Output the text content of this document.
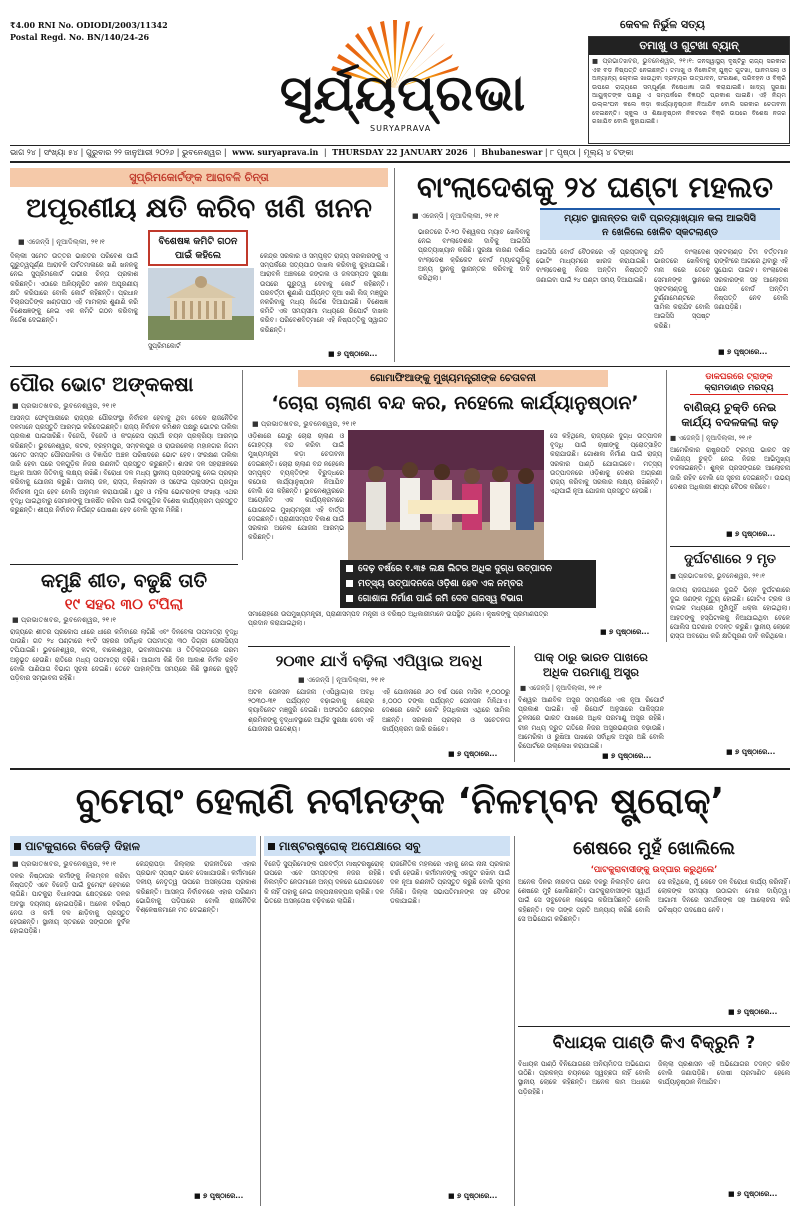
₹4.00 RNI No. ODIODI/2003/11342
Postal Regd. No. BN/140/24-26
ସୂର୍ଯ୍ୟପ୍ରଭା
SURYAPRAVA
କେବଳ ନିର୍ଭୁଳ ସତ୍ୟ
ତମାଖୁ ଓ ଗୁଟଖା ବ୍ୟାନ୍
■ ପ୍ରଭାତଖବର, ଭୁବନେଶ୍ୱର, ୨୧।୧: ଜନସ୍ୱାସ୍ଥ୍ୟ ଦୃଷ୍ଟିରୁ ରାଜ୍ୟ ସରକାର ଏକ ବଡ଼ ନିଷ୍ପତ୍ତି ନେଇଛନ୍ତି। ତମାଖୁ ଓ ନିକୋଟିନ୍ ଯୁକ୍ତ ଗୁଟଖା, ପାନମସଲା ଓ ଅନ୍ୟାନ୍ୟ ଚୋବାଇ ଖାଉଥିବା ଦ୍ରବ୍ୟର ଉତ୍ପାଦନ, ସଂରକ୍ଷଣ, ପରିବହନ ଓ ବିକ୍ରି ଉପରେ ରାଜ୍ୟରେ ସମ୍ପୂର୍ଣ୍ଣ ନିଷେଧାଜ୍ଞା ଜାରି କରାଯାଇଛି। ଖାଦ୍ୟ ସୁରକ୍ଷା ଆୟୁକ୍ତଙ୍କ ପକ୍ଷରୁ ଏ ସମ୍ପର୍କରେ ବିଜ୍ଞପ୍ତି ପ୍ରକାଶ ପାଇଛି। ଏହି ନିୟମ ଉଲ୍ଲଂଘନ କଲେ କଡ଼ା କାର୍ଯ୍ୟାନୁଷ୍ଠାନ ନିଆଯିବ ବୋଲି ସରକାର ଚେତାବନୀ ଦେଇଛନ୍ତି। ସ୍କୁଲ ଓ ଶିକ୍ଷାନୁଷ୍ଠାନ ନିକଟରେ ବିକ୍ରି ଉପରେ ବିଶେଷ ନଜର ରଖାଯିବ ବୋଲି କୁହାଯାଇଛି।
ଭାଗ ୨୪ | ସଂଖ୍ୟା ୫୪ | ଗୁରୁବାର ୨୨ ଜାନୁଆରୀ ୨୦୨୬ | ଭୁବନେଶ୍ୱର | www. suryaprava.in | THURSDAY 22 JANUARY 2026 | Bhubaneswar | ୮ ପୃଷ୍ଠା | ମୂଲ୍ୟ ୪ ଟଙ୍କା
ସୁପ୍ରିମକୋର୍ଟଙ୍କ ଆରାବଳି ଚିନ୍ତା
ଅପୂରଣୀୟ କ୍ଷତି କରିବ ଖଣି ଖନନ
■ ଏଜେନ୍ସି | ନୂଆଦିଲ୍ଲୀ, ୨୧।୧
ଦିଲ୍ଲୀ ସମେତ ଉତ୍ତର ଭାରତର ପରିବେଶ ପାଇଁ ଗୁରୁତ୍ୱପୂର୍ଣ୍ଣ ଆରାବଳି ପର୍ବତମାଳାରେ ଖଣି ଖନନକୁ ନେଇ ସୁପ୍ରିମକୋର୍ଟ ଗଭୀର ଚିନ୍ତା ପ୍ରକାଶ କରିଛନ୍ତି। ଏଠାରେ ଅନିୟନ୍ତ୍ରିତ ଖନନ ଅପୂରଣୀୟ କ୍ଷତି କରିପାରେ ବୋଲି କୋର୍ଟ କହିଛନ୍ତି। ପ୍ରଧାନ ବିଚାରପତିଙ୍କ ଖଣ୍ଡପୀଠ ଏହି ମାମଲାର ଶୁଣାଣି କରି ବିଶେଷଜ୍ଞଙ୍କୁ ନେଇ ଏକ କମିଟି ଗଠନ କରିବାକୁ ନିର୍ଦ୍ଦେଶ ଦେଇଛନ୍ତି।
ବିଶେଷଜ୍ଞ କମିଟି ଗଠନ ପାଇଁ କହିଲେ
ସୁପ୍ରିମକୋର୍ଟ
କେନ୍ଦ୍ର ସରକାର ଓ ସମ୍ପୃକ୍ତ ରାଜ୍ୟ ସରକାରଙ୍କୁ ଏ ସମ୍ପର୍କରେ ସତ୍ୟପାଠ ଦାଖଲ କରିବାକୁ କୁହାଯାଇଛି। ଆରାବଳି ଅଞ୍ଚଳରେ ଜଙ୍ଗଲ ଓ ଜଳସମ୍ପଦ ସୁରକ୍ଷା ଉପରେ ଗୁରୁତ୍ୱ ଦେବାକୁ କୋର୍ଟ କହିଛନ୍ତି। ପରବର୍ତ୍ତୀ ଶୁଣାଣି ପର୍ଯ୍ୟନ୍ତ ନୂଆ ଖଣି ଲିଜ୍ ମଞ୍ଜୁର ନକରିବାକୁ ମଧ୍ୟ ନିର୍ଦ୍ଦେଶ ଦିଆଯାଇଛି। ବିଶେଷଜ୍ଞ କମିଟି ଏକ ସମୟସୀମା ମଧ୍ୟରେ ରିପୋର୍ଟ ଦାଖଲ କରିବ। ପରିବେଶବିତ୍‌ମାନେ ଏହି ନିଷ୍ପତ୍ତିକୁ ସ୍ୱାଗତ କରିଛନ୍ତି।
■ ୭ ପୃଷ୍ଠାରେ...
ବାଂଲାଦେଶକୁ ୨୪ ଘଣ୍ଟା ମହଲତ
■ ଏଜେନ୍ସି | ନୂଆଦିଲ୍ଲୀ, ୨୧।୧	ମ୍ୟାଚ ସ୍ଥାନାନ୍ତର ଦାବି ପ୍ରତ୍ୟାଖ୍ୟାନ କଲା ଆଇସିସି
ନ ଖେଳିଲେ ଖେଳିବ ସ୍କଟଲାଣ୍ଡ
ଭାରତରେ ଟି-୨୦ ବିଶ୍ୱକପ ମ୍ୟାଚ ଖେଳିବାକୁ ନେଇ ବାଂଲାଦେଶର ଦାବିକୁ ଆଇସିସି ପ୍ରତ୍ୟାଖ୍ୟାନ କରିଛି। ସୁରକ୍ଷା କାରଣ ଦର୍ଶାଇ ବାଂଲାଦେଶ କ୍ରିକେଟ ବୋର୍ଡ ମ୍ୟାଚଗୁଡ଼ିକୁ ଅନ୍ୟ ସ୍ଥାନକୁ ସ୍ଥାନାନ୍ତର କରିବାକୁ ଦାବି କରିଥିଲା।
ଆଇସିସି ବୋର୍ଡ ବୈଠକରେ ଏହି ପ୍ରସ୍ତାବକୁ ଭୋଟିଂ ମାଧ୍ୟମରେ ଖାରଜ କରାଯାଇଛି। ବାଂଲାଦେଶକୁ ନିଜର ଅନ୍ତିମ ନିଷ୍ପତ୍ତି ଜଣାଇବା ପାଇଁ ୨୪ ଘଣ୍ଟା ସମୟ ଦିଆଯାଇଛି।
ଯଦି ବାଂଲାଦେଶ ଭାରତରେ ଖେଳିବାକୁ ମନା କରେ ତେବେ ସେମାନଙ୍କ ସ୍ଥାନରେ ସ୍କଟଲାଣ୍ଡକୁ ଟୁର୍ଣ୍ଣାମେଣ୍ଟରେ ସାମିଲ କରାଯିବ ବୋଲି ଆଇସିସି ସ୍ପଷ୍ଟ କରିଛି।
ସ୍କଟଲାଣ୍ଡ ଟିମ ବର୍ତ୍ତମାନ ରାଙ୍କିଂରେ ଆଗରେ ଥିବାରୁ ଏହି ସୁଯୋଗ ପାଇବ। ବାଂଲାଦେଶ ସରକାରଙ୍କ ସହ ଆଲୋଚନା ପରେ ବୋର୍ଡ ଅନ୍ତିମ ନିଷ୍ପତ୍ତି ନେବ ବୋଲି ଜଣାପଡ଼ିଛି।
■ ୭ ପୃଷ୍ଠାରେ...
ପୌର ଭୋଟ ଅଙ୍କକଷା
■ ପ୍ରଭାତଖବର, ଭୁବନେଶ୍ୱର, ୨୧।୧
ଆସନ୍ତା ଫେବୃଆରୀରେ ରାଜ୍ୟର ପୌରସଂସ୍ଥା ନିର୍ବାଚନ ହେବାକୁ ଥିବା ବେଳେ ରାଜନୈତିକ ଦଳମାନେ ପ୍ରସ୍ତୁତି ଆରମ୍ଭ କରିଦେଇଛନ୍ତି। ରାଜ୍ୟ ନିର୍ବାଚନ କମିଶନ ପକ୍ଷରୁ ଭୋଟର ତାଲିକା ପ୍ରକାଶ ପାଇସାରିଛି। ବିଜେପି, ବିଜେଡି ଓ କଂଗ୍ରେସ ପ୍ରାର୍ଥୀ ଚୟନ ପ୍ରକ୍ରିୟା ଆରମ୍ଭ କରିଛନ୍ତି। ଭୁବନେଶ୍ୱର, କଟକ, ବ୍ରହ୍ମପୁର, ସମ୍ବଲପୁର ଓ ରାଉରକେଲା ମହାନଗର ନିଗମ ସମେତ ସମସ୍ତ ପୌରପାଳିକା ଓ ବିଜ୍ଞାପିତ ଅଞ୍ଚଳ ପରିଷଦରେ ଭୋଟ ହେବ। ସଂରକ୍ଷଣ ତାଲିକା ଜାରି ହେବା ପରେ ଦଳଗୁଡ଼ିକ ନିଜର ରଣନୀତି ପ୍ରସ୍ତୁତ କରୁଛନ୍ତି। ଶାସକ ଦଳ ସହରାଞ୍ଚଳରେ ଅଧିକ ଆସନ ଜିତିବାକୁ ଲକ୍ଷ୍ୟ ରଖିଛି। ବିରୋଧୀ ଦଳ ମଧ୍ୟ ସ୍ଥାନୀୟ ପ୍ରସଙ୍ଗକୁ ନେଇ ପ୍ରଚାର କରିବାକୁ ଯୋଜନା କରୁଛି। ପାନୀୟ ଜଳ, ରାସ୍ତା, ନିଷ୍କାସନ ଓ ସଫେଇ ପ୍ରସଙ୍ଗ ପ୍ରମୁଖ ନିର୍ବାଚନୀ ମୁଦ୍ଦା ହେବ ବୋଲି ଅନୁମାନ କରାଯାଉଛି। ଯୁବ ଓ ମହିଳା ଭୋଟରଙ୍କ ସଂଖ୍ୟା ଏଥର ବୃଦ୍ଧି ପାଇଥିବାରୁ ସେମାନଙ୍କୁ ଆକର୍ଷିତ କରିବା ପାଇଁ ଦଳଗୁଡ଼ିକ ବିଶେଷ କାର୍ଯ୍ୟକ୍ରମ ପ୍ରସ୍ତୁତ କରୁଛନ୍ତି। ଶୀଘ୍ର ନିର୍ବାଚନ ନିର୍ଘଣ୍ଟ ଘୋଷଣା ହେବ ବୋଲି ସୂଚନା ମିଳିଛି।
ଗୋମାଫିଆଙ୍କୁ ମୁଖ୍ୟମନ୍ତ୍ରୀଙ୍କ ଚେତାବନୀ
‘ଚୋରା ଚାଲାଣ ବନ୍ଦ କର, ନହେଲେ କାର୍ଯ୍ୟାନୁଷ୍ଠାନ’
■ ପ୍ରଭାତଖବର, ଭୁବନେଶ୍ୱର, ୨୧।୧
ଓଡ଼ିଶାରେ ଗୋରୁ ଚୋରା ଚାଲାଣ ଓ ଗୋହତ୍ୟା ବନ୍ଦ କରିବା ପାଇଁ ମୁଖ୍ୟମନ୍ତ୍ରୀ କଡ଼ା ଚେତାବନୀ ଦେଇଛନ୍ତି। ଚୋରା ଚାଲାଣ ବନ୍ଦ ନହେଲେ ସମ୍ପୃକ୍ତ ବ୍ୟକ୍ତିଙ୍କ ବିରୁଦ୍ଧରେ କଠୋର କାର୍ଯ୍ୟାନୁଷ୍ଠାନ ନିଆଯିବ ବୋଲି ସେ କହିଛନ୍ତି। ଭୁବନେଶ୍ୱରରେ ଆୟୋଜିତ ଏକ କାର୍ଯ୍ୟକ୍ରମରେ ଯୋଗଦେଇ ମୁଖ୍ୟମନ୍ତ୍ରୀ ଏହି ବାର୍ତ୍ତା ଦେଇଛନ୍ତି। ପ୍ରାଣୀସମ୍ପଦ ବିକାଶ ପାଇଁ ସରକାର ଅନେକ ଯୋଜନା ଆରମ୍ଭ କରିଛନ୍ତି।
ସେ କହିଥିଲେ, ରାଜ୍ୟରେ ଦୁଗ୍ଧ ଉତ୍ପାଦନ ବୃଦ୍ଧି ପାଇଁ ଚାଷୀଙ୍କୁ ପ୍ରୋତ୍ସାହିତ କରାଯାଉଛି। ଗୋଶାଳା ନିର୍ମାଣ ପାଇଁ ରାଜ୍ୟ ସରକାର ପାଣ୍ଠି ଯୋଗାଇବେ। ମତ୍ସ୍ୟ ଉତ୍ପାଦନରେ ଓଡ଼ିଶାକୁ ଦେଶର ଅଗ୍ରଣୀ ରାଜ୍ୟ କରିବାକୁ ସରକାର ଲକ୍ଷ୍ୟ ରଖିଛନ୍ତି। ଏଥିପାଇଁ ନୂଆ ଯୋଜନା ପ୍ରସ୍ତୁତ ହେଉଛି।
ଦେଢ଼ ବର୍ଷରେ ୧.୩୫ ଲକ୍ଷ ଲିଟର ଅଧିକ ଦୁଗ୍ଧ ଉତ୍ପାଦନ
ମତ୍ସ୍ୟ ଉତ୍ପାଦନରେ ଓଡ଼ିଶା ହେବ ଏକ ନମ୍ବର
ଗୋଶାଳା ନିର୍ମାଣ ପାଇଁ ଜମି ଦେବ ରାଜସ୍ୱ ବିଭାଗ
ସମାରୋହରେ ଉପମୁଖ୍ୟମନ୍ତ୍ରୀ, ପ୍ରାଣୀସମ୍ପଦ ମନ୍ତ୍ରୀ ଓ ବରିଷ୍ଠ ଅଧିକାରୀମାନେ ଉପସ୍ଥିତ ଥିଲେ। କୃଷକଙ୍କୁ ପ୍ରମାଣପତ୍ର ପ୍ରଦାନ କରାଯାଇଥିଲା।
■ ୭ ପୃଷ୍ଠାରେ...
ଡାକଘରରେ ଟ୍ରାଙ୍କ
କ୍ରାମଡାଣ୍ଡ ମରଦ୍ୟ
ବାଣିଜ୍ୟ ଚୁକ୍ତି ନେଇ
କାର୍ଯ୍ୟ ବଦଳକଲା କଢ଼
■ ଏଜେନ୍ସି | ନୂଆଦିଲ୍ଲୀ, ୨୧।୧
ଆମେରିକାର ରାଷ୍ଟ୍ରପତି ଟ୍ରମ୍ପ ଭାରତ ସହ ବାଣିଜ୍ୟ ଚୁକ୍ତି ନେଇ ନିଜର ଆଭିମୁଖ୍ୟ ବଦଳାଇଛନ୍ତି। ଶୁଳ୍କ ପ୍ରସଙ୍ଗରେ ଆଲୋଚନା ଜାରି ରହିବ ବୋଲି ସେ ସୂଚନା ଦେଇଛନ୍ତି। ଉଭୟ ଦେଶର ଅଧିକାରୀ ଶୀଘ୍ର ବୈଠକ କରିବେ।
■ ୭ ପୃଷ୍ଠାରେ...
ଦୁର୍ଘଟଣାରେ ୨ ମୃତ
■ ପ୍ରଭାତଖବର, ଭୁବନେଶ୍ୱର, ୨୧।୧
ଜାତୀୟ ରାଜପଥରେ ଦୁଇଟି ଭିନ୍ନ ଦୁର୍ଘଟଣାରେ ଦୁଇ ଜଣଙ୍କ ମୃତ୍ୟୁ ହୋଇଛି। ଗୋଟିଏ ଟ୍ରକ ଓ ବାଇକ ମଧ୍ୟରେ ମୁହାଁମୁହିଁ ଧକ୍କା ହୋଇଥିଲା। ଆହତଙ୍କୁ ହସ୍ପିଟାଲକୁ ନିଆଯାଇଥିବା ବେଳେ ପୋଲିସ ଘଟଣାର ତଦନ୍ତ କରୁଛି। ସ୍ଥାନୀୟ ଲୋକେ ରାସ୍ତା ଅବରୋଧ କରି କ୍ଷତିପୂରଣ ଦାବି କରିଥିଲେ।
■ ୭ ପୃଷ୍ଠାରେ...
କମୁଛି ଶୀତ, ବଢୁଛି ତାତି
୧୯ ସହର ୩୦ ଟପିଲା
■ ପ୍ରଭାତଖବର, ଭୁବନେଶ୍ୱର, ୨୧।୧
ରାଜ୍ୟରେ ଶୀତର ପ୍ରକୋପ ଧୀରେ ଧୀରେ କମିବାରେ ଲାଗିଛି ଏବଂ ଦିନବେଳା ତାପମାତ୍ରା ବୃଦ୍ଧି ପାଉଛି। ଗତ ୨୪ ଘଣ୍ଟାରେ ୧୯ଟି ସହରର ସର୍ବାଧିକ ତାପମାତ୍ରା ୩୦ ଡିଗ୍ରୀ ସେଲସିୟସ ଟପିଯାଇଛି। ଭୁବନେଶ୍ୱର, କଟକ, ବାଲେଶ୍ୱର, ଭବାନୀପାଟଣା ଓ ତିତିଲାଗଡ଼ରେ ଗରମ ଅନୁଭୂତ ହେଉଛି। ରାତିରେ ମଧ୍ୟ ତାପମାତ୍ରା ବଢ଼ିଛି। ଆଗାମୀ କିଛି ଦିନ ଆକାଶ ନିର୍ମଳ ରହିବ ବୋଲି ପାଣିପାଗ ବିଭାଗ ସୂଚନା ଦେଇଛି। ତେବେ ପାହାନ୍ତିଆ ସମୟରେ କିଛି ସ୍ଥାନରେ କୁହୁଡ଼ି ପଡ଼ିବାର ସମ୍ଭାବନା ରହିଛି।
୨୦୩୧ ଯାଏଁ ବଢ଼ିଲା ଏପିୱାଇ ଅବଧି
■ ଏଜେନ୍ସି | ନୂଆଦିଲ୍ଲୀ, ୨୧।୧
ଅଟଳ ପେନସନ ଯୋଜନା (ଏପିୱାଇ)ର ଅବଧି ୨୦୩୦-୩୧ ପର୍ଯ୍ୟନ୍ତ ବଢ଼ାଇବାକୁ କେନ୍ଦ୍ର କ୍ୟାବିନେଟ ମଞ୍ଜୁରି ଦେଇଛି। ଅସଂଗଠିତ କ୍ଷେତ୍ରର ଶ୍ରମିକଙ୍କୁ ବୃଦ୍ଧାବସ୍ଥାରେ ଆର୍ଥିକ ସୁରକ୍ଷା ଦେବା ଏହି ଯୋଜନାର ଉଦ୍ଦେଶ୍ୟ।
ଏହି ଯୋଜନାରେ ୬୦ ବର୍ଷ ପରେ ମାସିକ ୧,୦୦୦ରୁ ୫,୦୦୦ ଟଙ୍କା ପର୍ଯ୍ୟନ୍ତ ପେନସନ ମିଳିଥାଏ। ଦେଶରେ କୋଟି କୋଟି ହିତାଧିକାରୀ ଏଥିରେ ସାମିଲ ଅଛନ୍ତି। ସରକାର ପ୍ରଚାର ଓ ସଚେତନତା କାର୍ଯ୍ୟକ୍ରମ ଜାରି ରଖିବେ।
■ ୭ ପୃଷ୍ଠାରେ...
ପାକ୍ ଠାରୁ ଭାରତ ପାଖରେ
ଅଧିକ ପରମାଣୁ ଅସ୍ତ୍ର
■ ଏଜେନ୍ସି | ନୂଆଦିଲ୍ଲୀ, ୨୧।୧
ବିଶ୍ୱର ଆଣବିକ ଅସ୍ତ୍ର ସମ୍ପର୍କରେ ଏକ ନୂଆ ରିପୋର୍ଟ ପ୍ରକାଶ ପାଇଛି। ଏହି ରିପୋର୍ଟ ଅନୁସାରେ ପାକିସ୍ତାନ ତୁଳନାରେ ଭାରତ ପାଖରେ ଅଧିକ ପରମାଣୁ ଅସ୍ତ୍ର ରହିଛି। ଚୀନ ମଧ୍ୟ ଦ୍ରୁତ ଗତିରେ ନିଜର ଅସ୍ତ୍ରଭଣ୍ଡାର ବଢ଼ାଉଛି। ଆମେରିକା ଓ ରୁଷିଆ ପାଖରେ ସର୍ବାଧିକ ଅସ୍ତ୍ର ଅଛି ବୋଲି ରିପୋର୍ଟରେ ଉଲ୍ଲେଖ କରାଯାଇଛି।
■ ୭ ପୃଷ୍ଠାରେ...
ବୁମେରାଂ ହେଲାଣି ନବୀନଙ୍କ ‘ନିଳମ୍ବନ ଷ୍ଟ୍ରୋକ୍’
ପାଟକୁରାରେ ବିଜେଡ଼ି ଦିହାଳ
■ ପ୍ରଭାତଖବର, ଭୁବନେଶ୍ୱର, ୨୧।୧
ଦଳର ନିଷ୍ଠାପର କର୍ମୀଙ୍କୁ ନିଲମ୍ବନ କରିବା ନିଷ୍ପତ୍ତି ଏବେ ବିଜେଡ଼ି ପାଇଁ ବୁମେରାଂ ହେବାରେ ଲାଗିଛି। ପାଟକୁରା ବିଧାନସଭା କ୍ଷେତ୍ରରେ ଦଳର ଅବସ୍ଥା ଦୟନୀୟ ହୋଇପଡ଼ିଛି। ଅନେକ ବରିଷ୍ଠ ନେତା ଓ କର୍ମୀ ଦଳ ଛାଡ଼ିବାକୁ ପ୍ରସ୍ତୁତ ହେଉଛନ୍ତି। ସ୍ଥାନୀୟ ସ୍ତରରେ ସଙ୍ଗଠନ ଦୁର୍ବଳ ହୋଇପଡ଼ିଛି।
କେନ୍ଦ୍ରାପଡ଼ା ଜିଲ୍ଲାର ରାଜନୀତିରେ ଏହାର ପ୍ରଭାବ ସ୍ପଷ୍ଟ ଭାବେ ଦେଖାଯାଉଛି। କର୍ମୀମାନେ ଦଳୀୟ ନେତୃତ୍ୱ ଉପରେ ଅସନ୍ତୋଷ ପ୍ରକାଶ କରିଛନ୍ତି। ଆସନ୍ତା ନିର୍ବାଚନରେ ଏହାର ପରିଣାମ ଭୋଗିବାକୁ ପଡ଼ିପାରେ ବୋଲି ରାଜନୈତିକ ବିଶ୍ଳେଷକମାନେ ମତ ଦେଇଛନ୍ତି।
■ ୭ ପୃଷ୍ଠାରେ...
ମାଷ୍ଟରଷ୍ଟ୍ରୋକ୍ ଅପେକ୍ଷାରେ ସବୁ
ବିଜେଡ଼ି ସୁପ୍ରିମୋଙ୍କ ପରବର୍ତ୍ତୀ ମାଷ୍ଟରଷ୍ଟ୍ରୋକ୍ ଉପରେ ଏବେ ସମସ୍ତଙ୍କ ନଜର ରହିଛି। ନିଲମ୍ବିତ ନେତାମାନେ ଅନ୍ୟ ଦଳରେ ଯୋଗଦେବେ କି ନାହିଁ ତାହାକୁ ନେଇ ଜଳ୍ପନାକଳ୍ପନା ଚାଲିଛି। ଦଳ ଭିତରେ ଅସନ୍ତୋଷ ବଢ଼ିବାରେ ଲାଗିଛି।
ରାଜନୈତିକ ମହଲରେ ଏହାକୁ ନେଇ ନାନା ପ୍ରକାର ଚର୍ଚ୍ଚା ହେଉଛି। କର୍ମୀମାନଙ୍କୁ ଏକଜୁଟ ରଖିବା ପାଇଁ ଦଳ ନୂଆ ରଣନୀତି ପ୍ରସ୍ତୁତ କରୁଛି ବୋଲି ସୂଚନା ମିଳିଛି। ଜିଲ୍ଲା ସଭାପତିମାନଙ୍କ ସହ ବୈଠକ ଡକାଯାଇଛି।
■ ୭ ପୃଷ୍ଠାରେ...
ଶେଷରେ ମୁହଁ ଖୋଲିଲେ
‘ପାଟକୁରାବାସୀଙ୍କୁ ଉଦ୍‌ଘାର କରୁଥିଲେ’
ଅନେକ ଦିନର ନୀରବତା ପରେ ଦଳରୁ ନିଲମ୍ବିତ ନେତା ଶେଷରେ ମୁହଁ ଖୋଲିଛନ୍ତି। ପାଟକୁରାବାସୀଙ୍କ ସ୍ୱାର୍ଥ ପାଇଁ ସେ ସବୁବେଳେ ଲଢ଼େଇ କରିଆସିଛନ୍ତି ବୋଲି କହିଛନ୍ତି। ଦଳ ତାଙ୍କ ପ୍ରତି ଅନ୍ୟାୟ କରିଛି ବୋଲି ସେ ଅଭିଯୋଗ କରିଛନ୍ତି।
ସେ କହିଥିଲେ, ମୁଁ କେବେ ଦଳ ବିରୋଧୀ କାର୍ଯ୍ୟ କରିନାହିଁ। ଲୋକଙ୍କ ସମସ୍ୟା ଉଠାଇବା ମୋର ଦାୟିତ୍ୱ। ଆଗାମୀ ଦିନରେ ସମର୍ଥକଙ୍କ ସହ ଆଲୋଚନା କରି ଭବିଷ୍ୟତ ପଦକ୍ଷେପ ନେବି।
■ ୭ ପୃଷ୍ଠାରେ...
ବିଧାୟକ ପାଣ୍ଡି କିଏ ବିକ୍ରୁନି ?
ବିଧାୟକ ପାଣ୍ଠି ବିନିଯୋଗରେ ଅନିୟମିତତା ଅଭିଯୋଗ ଉଠିଛି। ପ୍ରକଳ୍ପ ଚୟନରେ ସ୍ୱଚ୍ଛତା ନାହିଁ ବୋଲି ସ୍ଥାନୀୟ ଲୋକେ କହିଛନ୍ତି। ଅନେକ କାମ ଅଧାରେ ପଡ଼ିରହିଛି।
ଜିଲ୍ଲା ପ୍ରଶାସନ ଏହି ଅଭିଯୋଗର ତଦନ୍ତ କରିବ ବୋଲି ଜଣାପଡ଼ିଛି। ଦୋଷୀ ପ୍ରମାଣିତ ହେଲେ କାର୍ଯ୍ୟାନୁଷ୍ଠାନ ନିଆଯିବ।
■ ୭ ପୃଷ୍ଠାରେ...
